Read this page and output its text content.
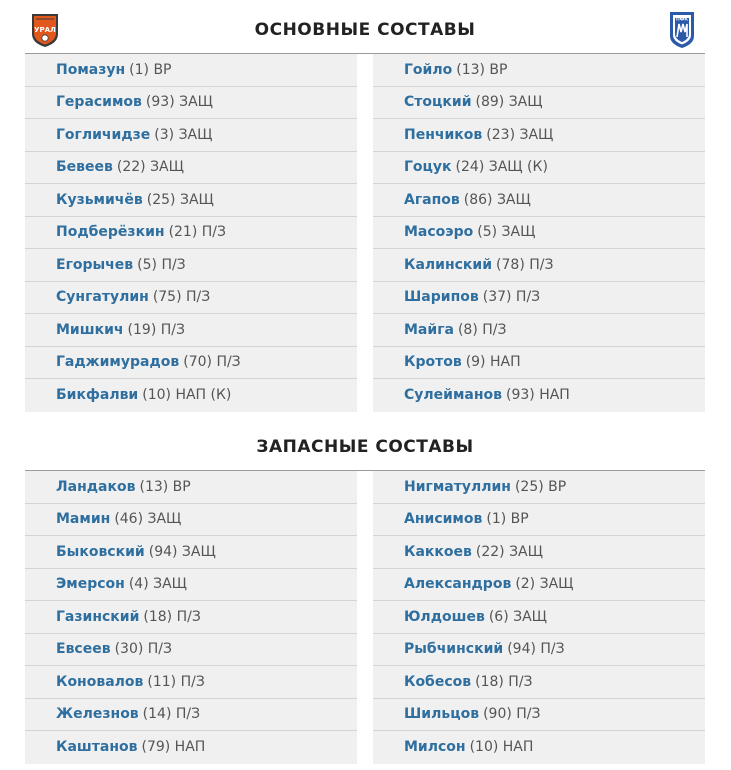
УРАЛ
ПФК
ОСНОВНЫЕ СОСТАВЫ
Помазун (1) ВР
Герасимов (93) ЗАЩ
Гогличидзе (3) ЗАЩ
Бевеев (22) ЗАЩ
Кузьмичёв (25) ЗАЩ
Подберёзкин (21) П/З
Егорычев (5) П/З
Сунгатулин (75) П/З
Мишкич (19) П/З
Гаджимурадов (70) П/З
Бикфалви (10) НАП (К)
Гойло (13) ВР
Стоцкий (89) ЗАЩ
Пенчиков (23) ЗАЩ
Гоцук (24) ЗАЩ (К)
Агапов (86) ЗАЩ
Масоэро (5) ЗАЩ
Калинский (78) П/З
Шарипов (37) П/З
Майга (8) П/З
Кротов (9) НАП
Сулейманов (93) НАП
ЗАПАСНЫЕ СОСТАВЫ
Ландаков (13) ВР
Мамин (46) ЗАЩ
Быковский (94) ЗАЩ
Эмерсон (4) ЗАЩ
Газинский (18) П/З
Евсеев (30) П/З
Коновалов (11) П/З
Железнов (14) П/З
Каштанов (79) НАП
Нигматуллин (25) ВР
Анисимов (1) ВР
Каккоев (22) ЗАЩ
Александров (2) ЗАЩ
Юлдошев (6) ЗАЩ
Рыбчинский (94) П/З
Кобесов (18) П/З
Шильцов (90) П/З
Милсон (10) НАП
